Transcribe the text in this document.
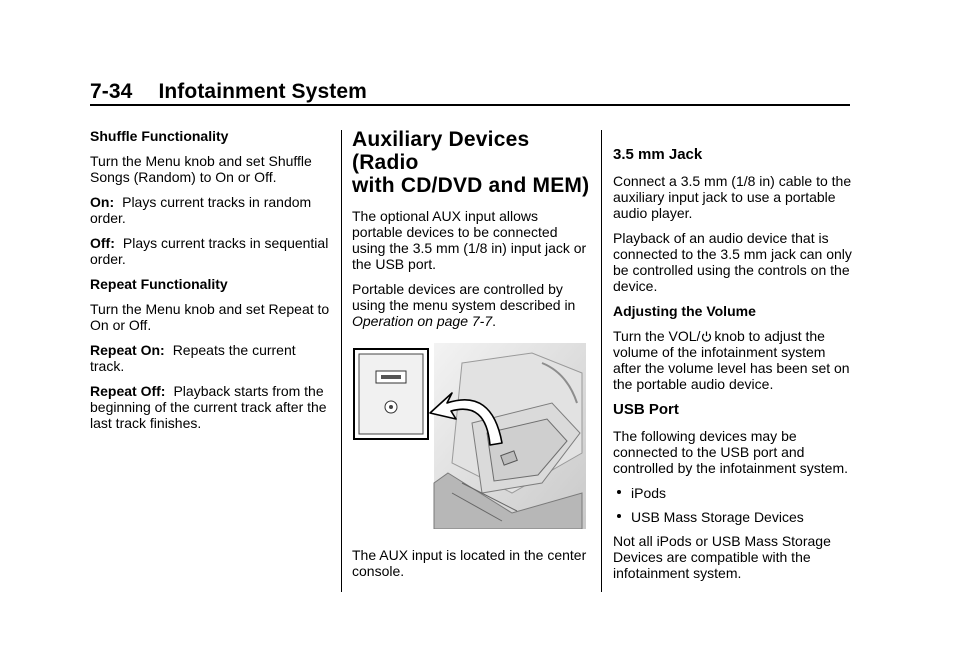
7-34 Infotainment System

Shuffle Functionality

Turn the Menu knob and set Shuffle Songs (Random) to On or Off.

On: Plays current tracks in random order.

Off: Plays current tracks in sequential order.

Repeat Functionality

Turn the Menu knob and set Repeat to On or Off.

Repeat On: Repeats the current track.

Repeat Off: Playback starts from the beginning of the current track after the last track finishes.

Auxiliary Devices (Radio
with CD/DVD and MEM)

The optional AUX input allows portable devices to be connected using the 3.5 mm (1/8 in) input jack or the USB port.

Portable devices are controlled by using the menu system described in Operation on page 7-7.

The AUX input is located in the center console.

3.5 mm Jack

Connect a 3.5 mm (1/8 in) cable to the auxiliary input jack to use a portable audio player.

Playback of an audio device that is connected to the 3.5 mm jack can only be controlled using the controls on the device.

Adjusting the Volume

Turn the VOL/ knob to adjust the volume of the infotainment system after the volume level has been set on the portable audio device.

USB Port

The following devices may be connected to the USB port and controlled by the infotainment system.

iPods
USB Mass Storage Devices

Not all iPods or USB Mass Storage Devices are compatible with the infotainment system.
